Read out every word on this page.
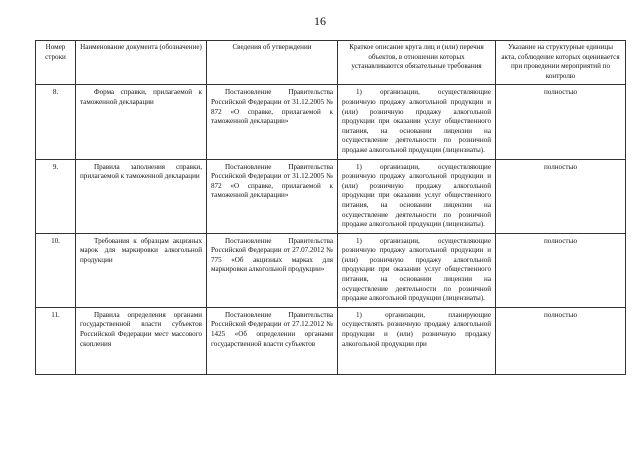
16
Номер строки	Наименование документа (обозначение)	Сведения об утверждении	Краткое описание круга лиц и (или) перечня объектов, в отношении которых устанавливаются обязательные требования	Указание на структурные единицы акта, соблюдение которых оценивается при проведении мероприятий по контролю
8.	Форма справки, прилагаемой к таможенной декларации	Постановление Правительства Российской Федерации от 31.12.2005 № 872 «О справке, прилагаемой к таможенной декларации»	1) организации, осуществляющие розничную продажу алкогольной продукции и (или) розничную продажу алкогольной продукции при оказании услуг общественного питания, на основании лицензии на осуществление деятельности по розничной продаже алкогольной продукции (лицензиаты).	полностью
9.	Правила заполнения справки, прилагаемой к таможенной декларации	Постановление Правительства Российской Федерации от 31.12.2005 № 872 «О справке, прилагаемой к таможенной декларации»	1) организации, осуществляющие розничную продажу алкогольной продукции и (или) розничную продажу алкогольной продукции при оказании услуг общественного питания, на основании лицензии на осуществление деятельности по розничной продаже алкогольной продукции (лицензиаты).	полностью
10.	Требования к образцам акцизных марок для маркировки алкогольной продукции	Постановление Правительства Российской Федерации от 27.07.2012 № 775 «Об акцизных марках для маркировки алкогольной продукции»	1) организации, осуществляющие розничную продажу алкогольной продукции и (или) розничную продажу алкогольной продукции при оказании услуг общественного питания, на основании лицензии на осуществление деятельности по розничной продаже алкогольной продукции (лицензиаты).	полностью
11.	Правила определения органами государственной власти субъектов Российской Федерации мест массового скопления	Постановление Правительства Российской Федерации от 27.12.2012 № 1425 «Об определении органами государственной власти субъектов	1) организации, планирующие осуществлять розничную продажу алкогольной продукции и (или) розничную продажу алкогольной продукции при	полностью
